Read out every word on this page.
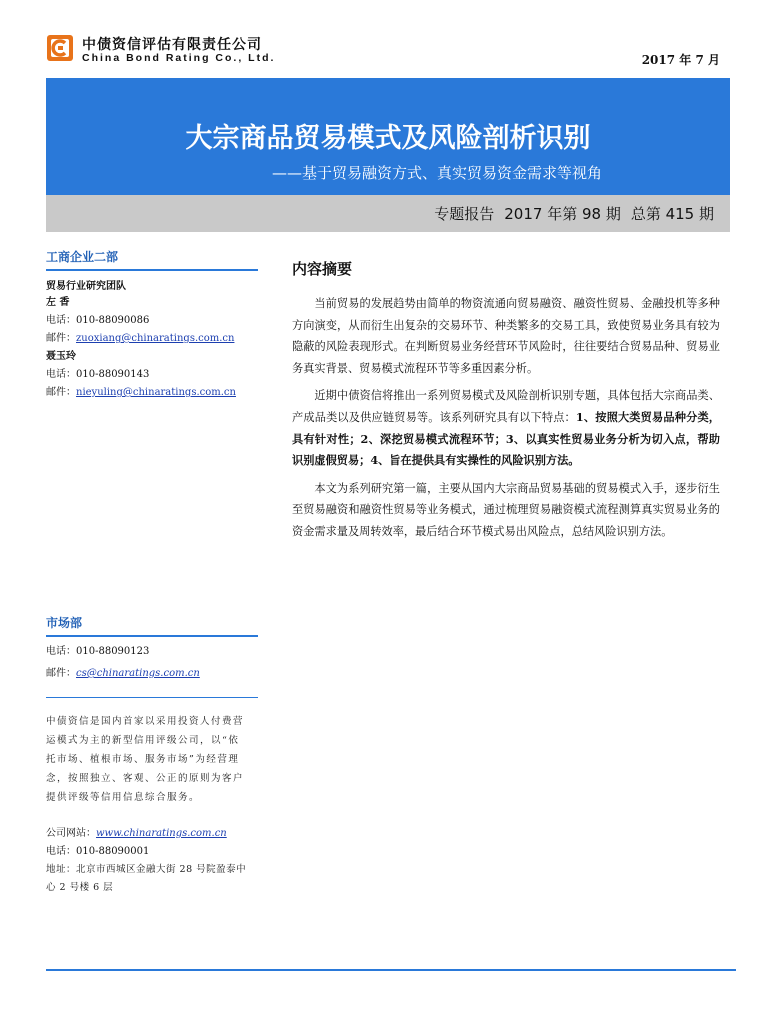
中债资信评估有限责任公司
China Bond Rating Co., Ltd.	2017 年 7 月
大宗商品贸易模式及风险剖析识别
——基于贸易融资方式、真实贸易资金需求等视角
专题报告 2017 年第 98 期 总第 415 期
工商企业二部
贸易行业研究团队
左 香
电话：010-88090086
邮件：zuoxiang@chinaratings.com.cn
聂玉玲
电话：010-88090143
邮件：nieyuling@chinaratings.com.cn
市场部
电话：010-88090123
邮件：cs@chinaratings.com.cn
中债资信是国内首家以采用投资人付费营运模式为主的新型信用评级公司，以“依托市场、植根市场、服务市场”为经营理念，按照独立、客观、公正的原则为客户提供评级等信用信息综合服务。
公司网站：www.chinaratings.com.cn
电话：010-88090001
地址：北京市西城区金融大街 28 号院盈泰中心 2 号楼 6 层
内容摘要

当前贸易的发展趋势由简单的物资流通向贸易融资、融资性贸易、金融投机等多种方向演变，从而衍生出复杂的交易环节、种类繁多的交易工具，致使贸易业务具有较为隐蔽的风险表现形式。在判断贸易业务经营环节风险时，往往要结合贸易品种、贸易业务真实背景、贸易模式流程环节等多重因素分析。

近期中债资信将推出一系列贸易模式及风险剖析识别专题，具体包括大宗商品类、产成品类以及供应链贸易等。该系列研究具有以下特点：1、按照大类贸易品种分类，具有针对性；2、深挖贸易模式流程环节；3、以真实性贸易业务分析为切入点，帮助识别虚假贸易；4、旨在提供具有实操性的风险识别方法。

本文为系列研究第一篇，主要从国内大宗商品贸易基础的贸易模式入手，逐步衍生至贸易融资和融资性贸易等业务模式，通过梳理贸易融资模式流程测算真实贸易业务的资金需求量及周转效率，最后结合环节模式易出风险点，总结风险识别方法。
